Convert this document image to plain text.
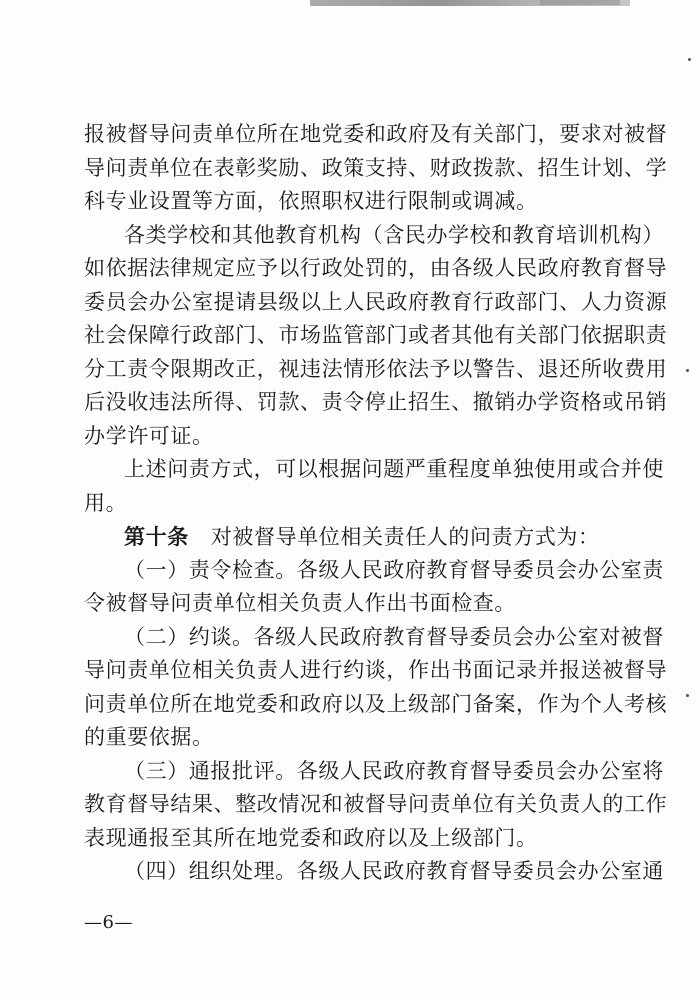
报被督导问责单位所在地党委和政府及有关部门，要求对被督
导问责单位在表彰奖励、政策支持、财政拨款、招生计划、学
科专业设置等方面，依照职权进行限制或调减。
各类学校和其他教育机构（含民办学校和教育培训机构）
如依据法律规定应予以行政处罚的，由各级人民政府教育督导
委员会办公室提请县级以上人民政府教育行政部门、人力资源
社会保障行政部门、市场监管部门或者其他有关部门依据职责
分工责令限期改正，视违法情形依法予以警告、退还所收费用
后没收违法所得、罚款、责令停止招生、撤销办学资格或吊销
办学许可证。
上述问责方式，可以根据问题严重程度单独使用或合并使
用。
第十条 对被督导单位相关责任人的问责方式为：
（一）责令检查。各级人民政府教育督导委员会办公室责
令被督导问责单位相关负责人作出书面检查。
（二）约谈。各级人民政府教育督导委员会办公室对被督
导问责单位相关负责人进行约谈，作出书面记录并报送被督导
问责单位所在地党委和政府以及上级部门备案，作为个人考核
的重要依据。
（三）通报批评。各级人民政府教育督导委员会办公室将
教育督导结果、整改情况和被督导问责单位有关负责人的工作
表现通报至其所在地党委和政府以及上级部门。
（四）组织处理。各级人民政府教育督导委员会办公室通
—6—
